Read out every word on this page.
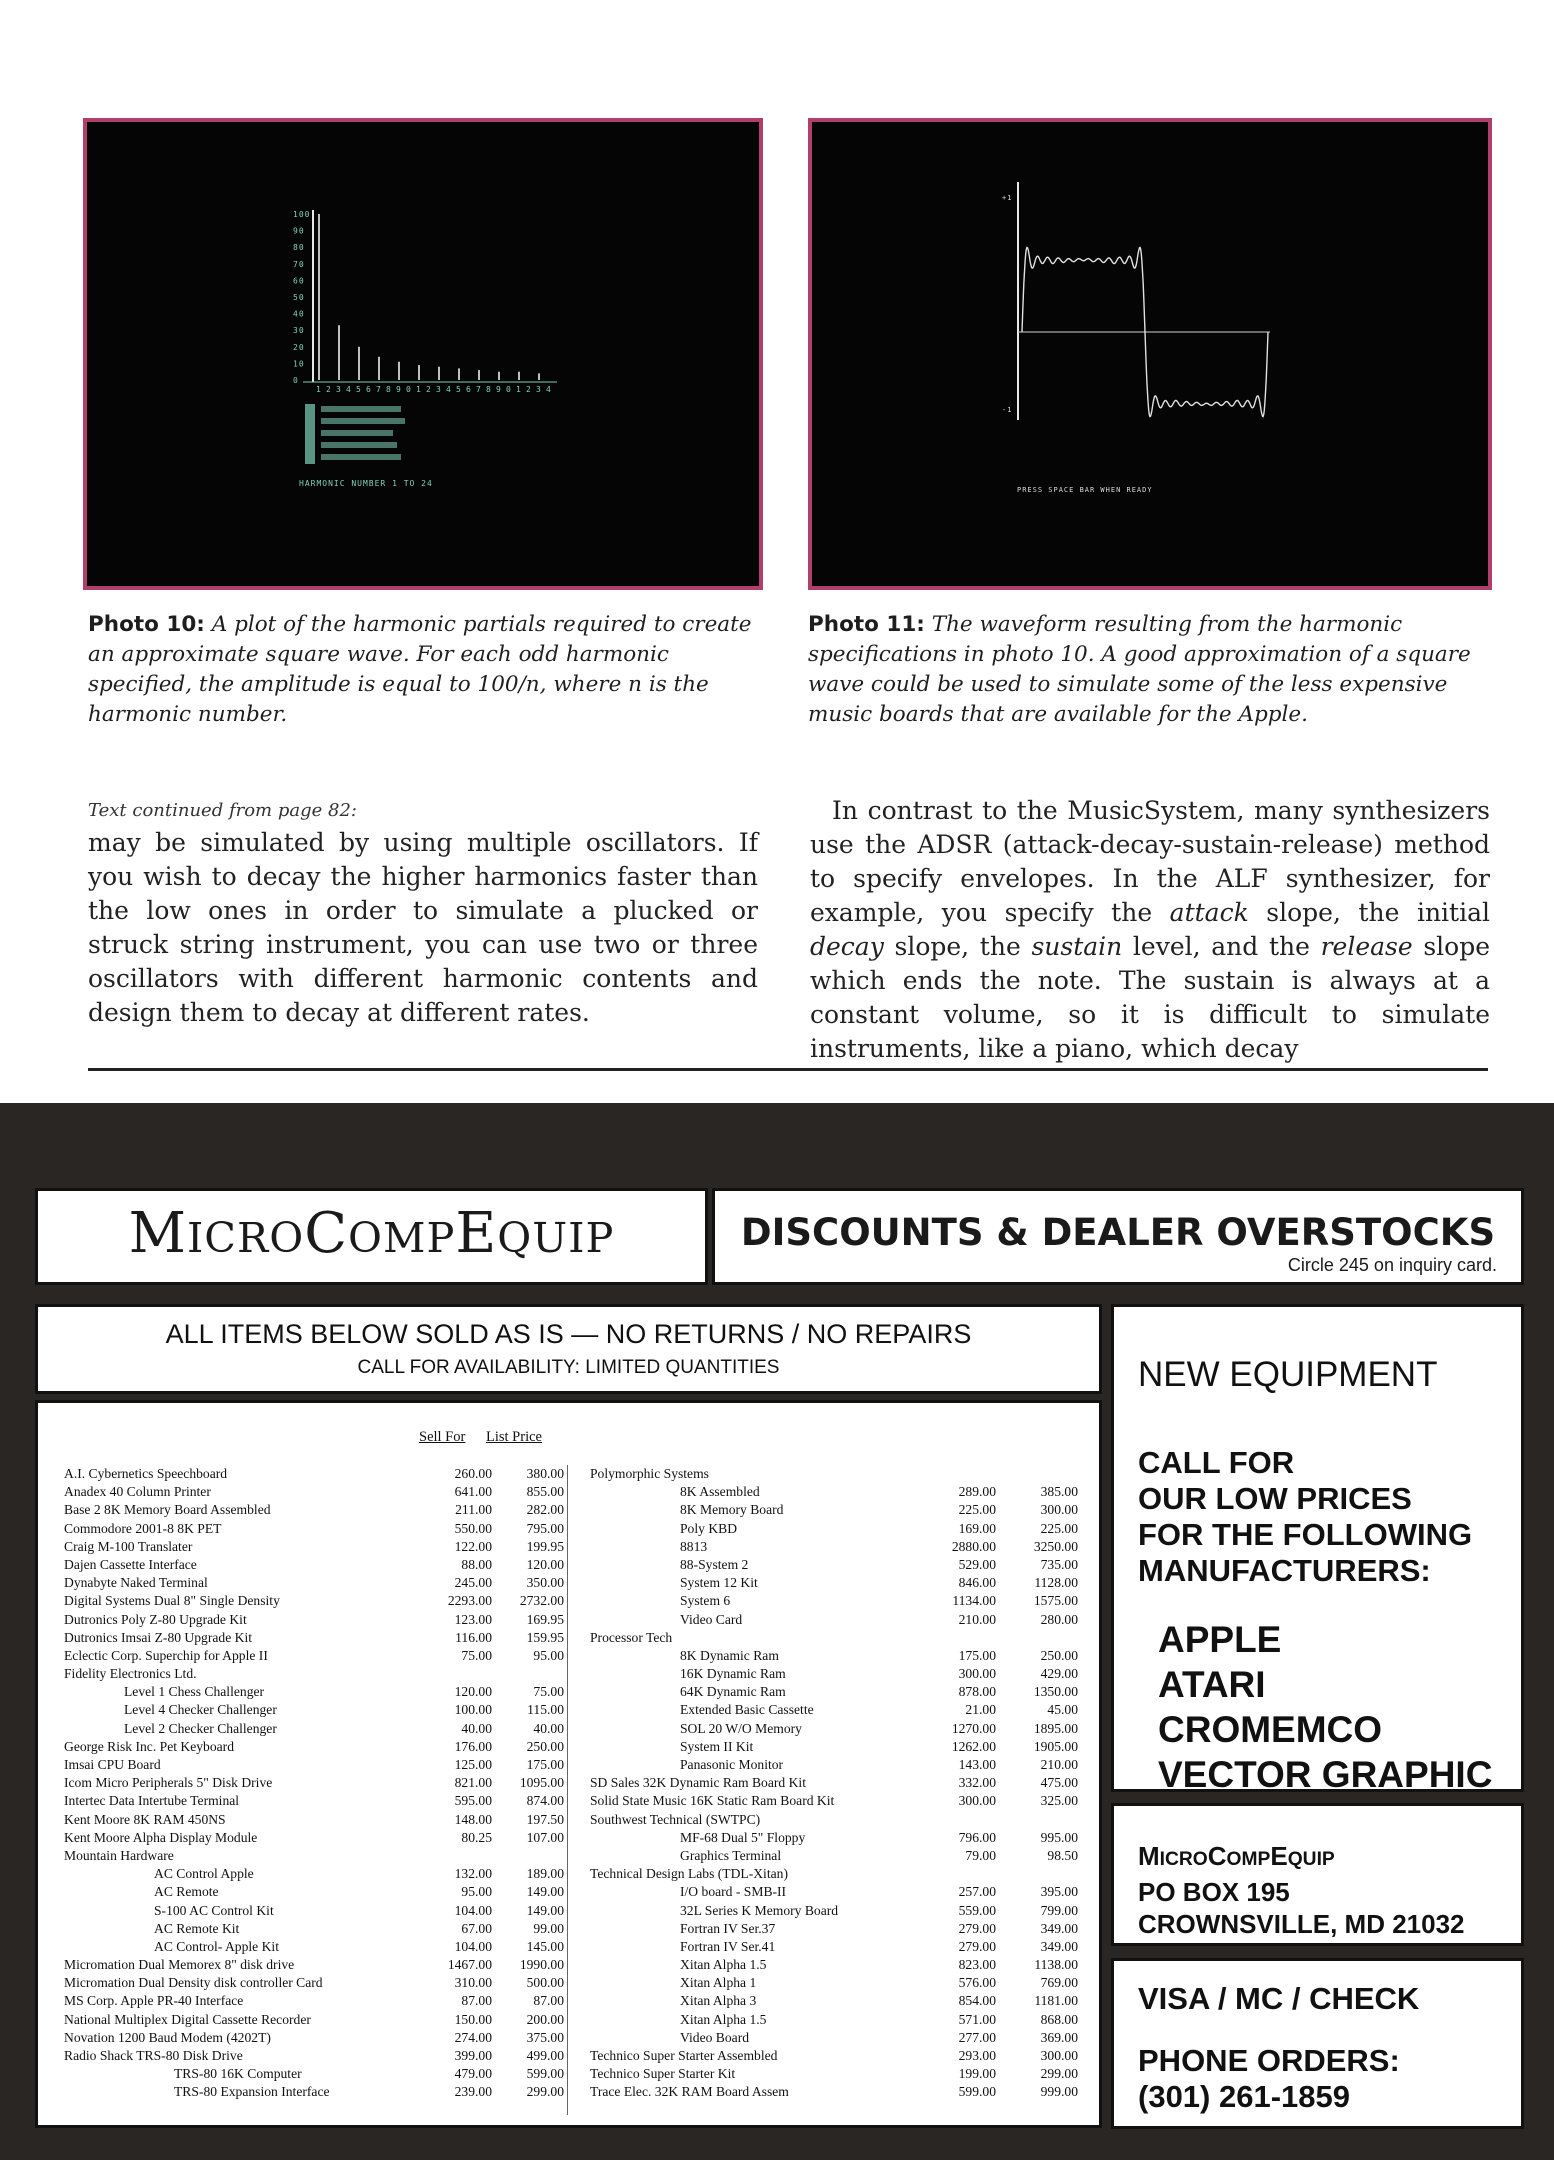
0
10
20
30
40
50
60
70
80
90
100
1 2 3 4 5 6 7 8 9 0 1 2 3 4 5 6 7 8 9 0 1 2 3 4
HARMONIC NUMBER 1 TO 24
Photo 10: A plot of the harmonic partials required to create an approximate square wave. For each odd harmonic specified, the amplitude is equal to 100/n, where n is the harmonic number.
+1
-1
PRESS SPACE BAR WHEN READY
Photo 11: The waveform resulting from the harmonic specifications in photo 10. A good approximation of a square wave could be used to simulate some of the less expensive music boards that are available for the Apple.
Text continued from page 82:
may be simulated by using multiple oscillators. If you wish to decay the higher harmonics faster than the low ones in order to simulate a plucked or struck string instrument, you can use two or three oscillators with different harmonic contents and design them to decay at different rates.
In contrast to the MusicSystem, many synthesizers use the ADSR (attack-decay-sustain-release) method to specify envelopes. In the ALF synthesizer, for example, you specify the attack slope, the initial decay slope, the sustain level, and the release slope which ends the note. The sustain is always at a constant volume, so it is difficult to simulate instruments, like a piano, which decay
MICROCOMPEQUIP	DISCOUNTS & DEALER OVERSTOCKS
Circle 245 on inquiry card.
ALL ITEMS BELOW SOLD AS IS — NO RETURNS / NO REPAIRS
CALL FOR AVAILABILITY: LIMITED QUANTITIES
Sell For List Price
A.I. Cybernetics Speechboard	260.00	380.00
Anadex 40 Column Printer	641.00	855.00
Base 2 8K Memory Board Assembled	211.00	282.00
Commodore 2001-8 8K PET	550.00	795.00
Craig M-100 Translater	122.00	199.95
Dajen Cassette Interface	88.00	120.00
Dynabyte Naked Terminal	245.00	350.00
Digital Systems Dual 8" Single Density	2293.00	2732.00
Dutronics Poly Z-80 Upgrade Kit	123.00	169.95
Dutronics Imsai Z-80 Upgrade Kit	116.00	159.95
Eclectic Corp. Superchip for Apple II	75.00	95.00
Fidelity Electronics Ltd.
Level 1 Chess Challenger	120.00	75.00
Level 4 Checker Challenger	100.00	115.00
Level 2 Checker Challenger	40.00	40.00
George Risk Inc. Pet Keyboard	176.00	250.00
Imsai CPU Board	125.00	175.00
Icom Micro Peripherals 5" Disk Drive	821.00	1095.00
Intertec Data Intertube Terminal	595.00	874.00
Kent Moore 8K RAM 450NS	148.00	197.50
Kent Moore Alpha Display Module	80.25	107.00
Mountain Hardware
AC Control Apple	132.00	189.00
AC Remote	95.00	149.00
S-100 AC Control Kit	104.00	149.00
AC Remote Kit	67.00	99.00
AC Control- Apple Kit	104.00	145.00
Micromation Dual Memorex 8" disk drive	1467.00	1990.00
Micromation Dual Density disk controller Card	310.00	500.00
MS Corp. Apple PR-40 Interface	87.00	87.00
National Multiplex Digital Cassette Recorder	150.00	200.00
Novation 1200 Baud Modem (4202T)	274.00	375.00
Radio Shack TRS-80 Disk Drive	399.00	499.00
TRS-80 16K Computer	479.00	599.00
TRS-80 Expansion Interface	239.00	299.00
Polymorphic Systems
8K Assembled	289.00	385.00
8K Memory Board	225.00	300.00
Poly KBD	169.00	225.00
8813	2880.00	3250.00
88-System 2	529.00	735.00
System 12 Kit	846.00	1128.00
System 6	1134.00	1575.00
Video Card	210.00	280.00
Processor Tech
8K Dynamic Ram	175.00	250.00
16K Dynamic Ram	300.00	429.00
64K Dynamic Ram	878.00	1350.00
Extended Basic Cassette	21.00	45.00
SOL 20 W/O Memory	1270.00	1895.00
System II Kit	1262.00	1905.00
Panasonic Monitor	143.00	210.00
SD Sales 32K Dynamic Ram Board Kit	332.00	475.00
Solid State Music 16K Static Ram Board Kit	300.00	325.00
Southwest Technical (SWTPC)
MF-68 Dual 5" Floppy	796.00	995.00
Graphics Terminal	79.00	98.50
Technical Design Labs (TDL-Xitan)
I/O board - SMB-II	257.00	395.00
32L Series K Memory Board	559.00	799.00
Fortran IV Ser.37	279.00	349.00
Fortran IV Ser.41	279.00	349.00
Xitan Alpha 1.5	823.00	1138.00
Xitan Alpha 1	576.00	769.00
Xitan Alpha 3	854.00	1181.00
Xitan Alpha 1.5	571.00	868.00
Video Board	277.00	369.00
Technico Super Starter Assembled	293.00	300.00
Technico Super Starter Kit	199.00	299.00
Trace Elec. 32K RAM Board Assem	599.00	999.00
NEW EQUIPMENT
CALL FOR
OUR LOW PRICES
FOR THE FOLLOWING
MANUFACTURERS:
APPLE
ATARI
CROMEMCO
VECTOR GRAPHIC
MICROCOMPEQUIP
PO BOX 195
CROWNSVILLE, MD 21032
VISA / MC / CHECK
PHONE ORDERS:
(301) 261-1859
